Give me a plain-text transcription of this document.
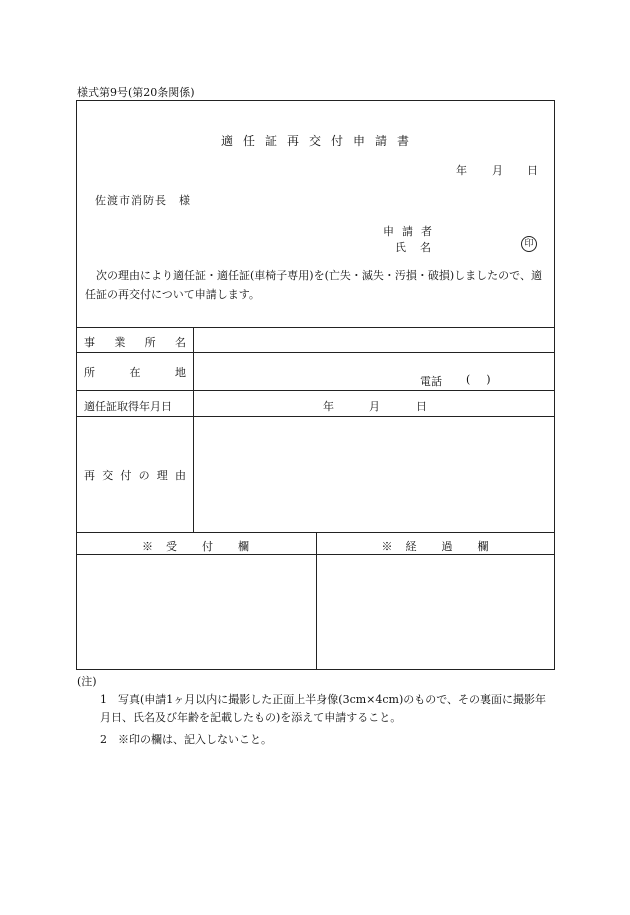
様式第9号(第20条関係)
適任証再交付申請書
年 月 日
佐渡市消防長　様
申請者
氏名	印
次の理由により適任証・適任証(車椅子専用)を(亡失・滅失・汚損・破損)しましたので、適任証の再交付について申請します。
事業所名
所在地
電話 ()
適任証取得年月日	年	月	日
再交付の理由
※　受　　付　　欄	※　経　　過　　欄
(注)
1　写真(申請1ヶ月以内に撮影した正面上半身像(3cm×4cm)のもので、その裏面に撮影年月日、氏名及び年齢を記載したもの)を添えて申請すること。
2　※印の欄は、記入しないこと。
